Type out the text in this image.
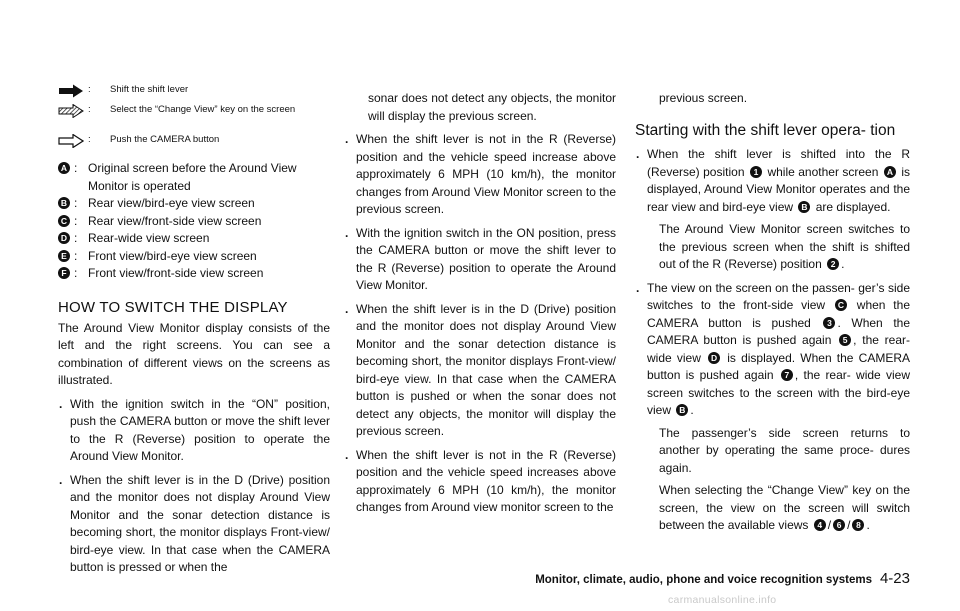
: Shift the shift lever
: Select the “Change View” key on the screen
: Push the CAMERA button
A : Original screen before the Around View Monitor is operated
B : Rear view/bird-eye view screen
C : Rear view/front-side view screen
D : Rear-wide view screen
E : Front view/bird-eye view screen
F : Front view/front-side view screen
HOW TO SWITCH THE DISPLAY

The Around View Monitor display consists of the left and the right screens. You can see a combination of different views on the screens as illustrated.

. With the ignition switch in the “ON” position, push the CAMERA button or move the shift lever to the R (Reverse) position to operate the Around View Monitor.
. When the shift lever is in the D (Drive) position and the monitor does not display Around View Monitor and the sonar detection distance is becoming short, the monitor displays Front-view/ bird-eye view. In that case when the CAMERA button is pressed or when the

sonar does not detect any objects, the monitor will display the previous screen.

. When the shift lever is not in the R (Reverse) position and the vehicle speed increase above approximately 6 MPH (10 km/h), the monitor changes from Around View Monitor screen to the previous screen.
. With the ignition switch in the ON position, press the CAMERA button or move the shift lever to the R (Reverse) position to operate the Around View Monitor.
. When the shift lever is in the D (Drive) position and the monitor does not display Around View Monitor and the sonar detection distance is becoming short, the monitor displays Front-view/ bird-eye view. In that case when the CAMERA button is pushed or when the sonar does not detect any objects, the monitor will display the previous screen.
. When the shift lever is not in the R (Reverse) position and the vehicle speed increases above approximately 6 MPH (10 km/h), the monitor changes from Around view monitor screen to the

previous screen.

Starting with the shift lever opera- tion
. When the shift lever is shifted into the R (Reverse) position 1 while another screen A is displayed, Around View Monitor operates and the rear view and bird-eye view B are displayed.

The Around View Monitor screen switches to the previous screen when the shift is shifted out of the R (Reverse) position 2 .

. The view on the screen on the passen- ger’s side switches to the front-side view C when the CAMERA button is pushed 3 . When the CAMERA button is pushed again 5 , the rear-wide view D is displayed. When the CAMERA button is pushed again 7 , the rear- wide view screen switches to the screen with the bird-eye view B .

The passenger’s side screen returns to another by operating the same proce- dures again.

When selecting the “Change View” key on the screen, the view on the screen will switch between the available views 4 / 6 / 8 .

Monitor, climate, audio, phone and voice recognition systems 4-23
carmanualsonline.info
